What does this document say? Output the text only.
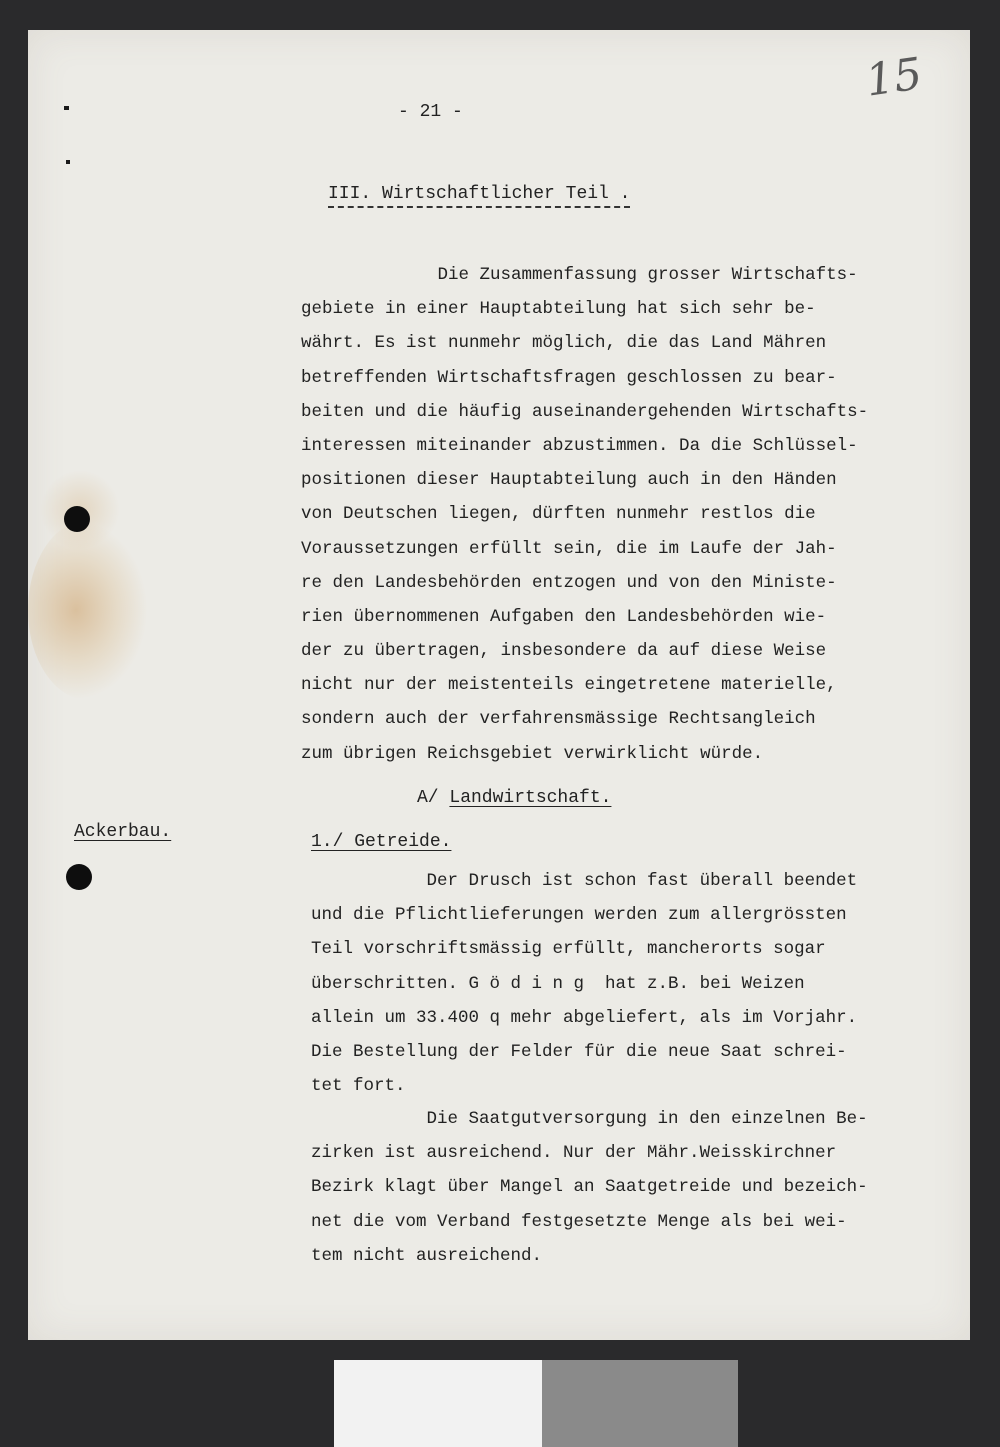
15
- 21 -
III. Wirtschaftlicher Teil .
Die Zusammenfassung grosser Wirtschafts-
gebiete in einer Hauptabteilung hat sich sehr be-
währt. Es ist nunmehr möglich, die das Land Mähren
betreffenden Wirtschaftsfragen geschlossen zu bear-
beiten und die häufig auseinandergehenden Wirtschafts-
interessen miteinander abzustimmen. Da die Schlüssel-
positionen dieser Hauptabteilung auch in den Händen
von Deutschen liegen, dürften nunmehr restlos die
Voraussetzungen erfüllt sein, die im Laufe der Jah-
re den Landesbehörden entzogen und von den Ministe-
rien übernommenen Aufgaben den Landesbehörden wie-
der zu übertragen, insbesondere da auf diese Weise
nicht nur der meistenteils eingetretene materielle,
sondern auch der verfahrensmässige Rechtsangleich
zum übrigen Reichsgebiet verwirklicht würde.
A/ Landwirtschaft.
Ackerbau.	1./ Getreide.
Der Drusch ist schon fast überall beendet
und die Pflichtlieferungen werden zum allergrössten
Teil vorschriftsmässig erfüllt, mancherorts sogar
überschritten. G ö d i n g  hat z.B. bei Weizen
allein um 33.400 q mehr abgeliefert, als im Vorjahr.
Die Bestellung der Felder für die neue Saat schrei-
tet fort.
Die Saatgutversorgung in den einzelnen Be-
zirken ist ausreichend. Nur der Mähr.Weisskirchner
Bezirk klagt über Mangel an Saatgetreide und bezeich-
net die vom Verband festgesetzte Menge als bei wei-
tem nicht ausreichend.
